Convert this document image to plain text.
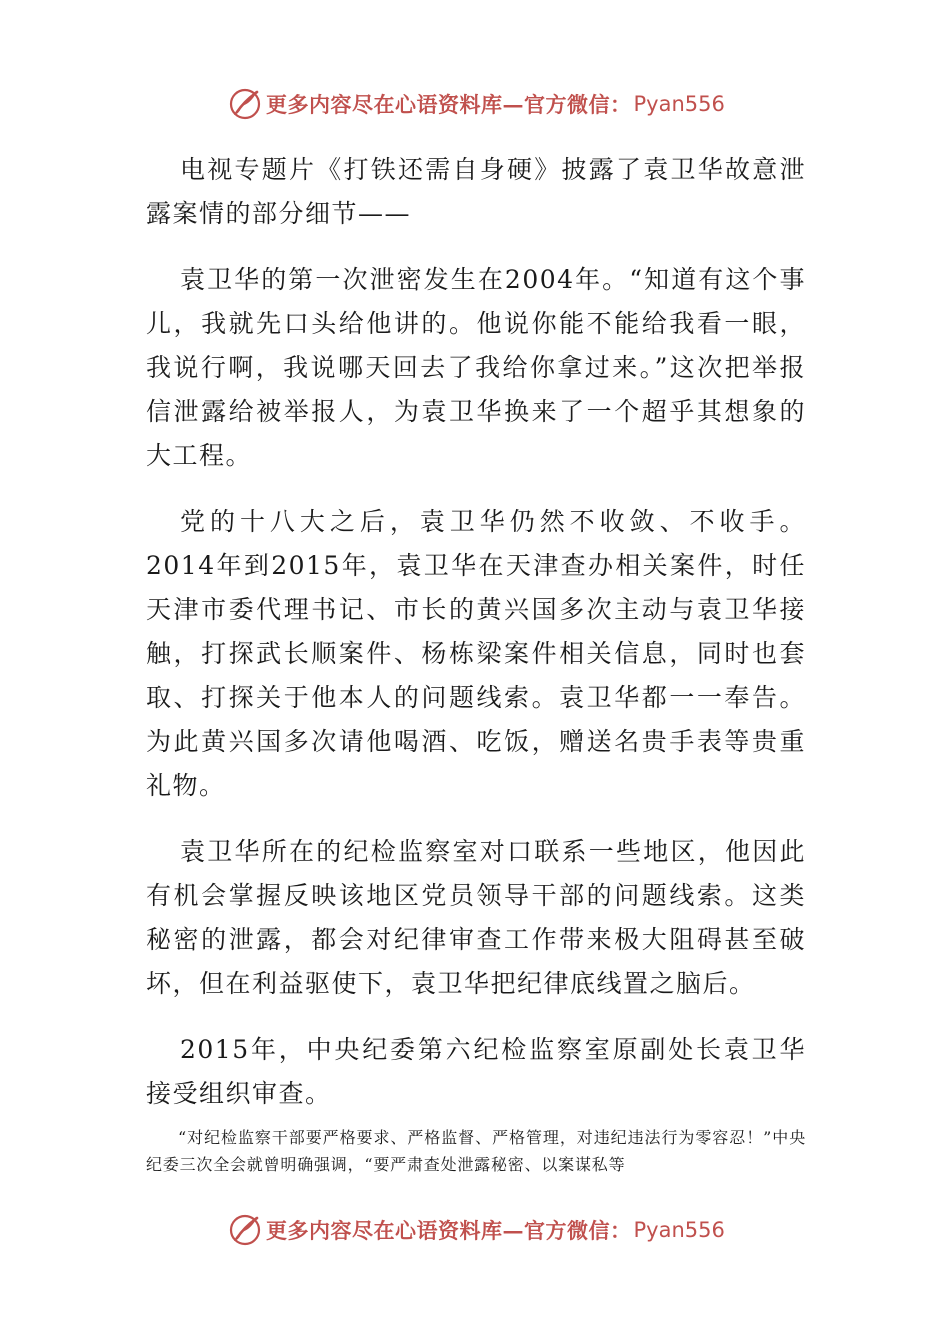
更多内容尽在心语资料库—官方微信： Pyan556

电视专题片《打铁还需自身硬》披露了袁卫华故意泄露案情的部分细节——

袁卫华的第一次泄密发生在2004年。“知道有这个事儿，我就先口头给他讲的。他说你能不能给我看一眼，我说行啊，我说哪天回去了我给你拿过来。”这次把举报信泄露给被举报人，为袁卫华换来了一个超乎其想象的大工程。

党的十八大之后，袁卫华仍然不收敛、不收手。2014年到2015年，袁卫华在天津查办相关案件，时任天津市委代理书记、市长的黄兴国多次主动与袁卫华接触，打探武长顺案件、杨栋梁案件相关信息，同时也套取、打探关于他本人的问题线索。袁卫华都一一奉告。为此黄兴国多次请他喝酒、吃饭，赠送名贵手表等贵重礼物。

袁卫华所在的纪检监察室对口联系一些地区，他因此有机会掌握反映该地区党员领导干部的问题线索。这类秘密的泄露，都会对纪律审查工作带来极大阻碍甚至破坏，但在利益驱使下，袁卫华把纪律底线置之脑后。

2015年，中央纪委第六纪检监察室原副处长袁卫华接受组织审查。

“对纪检监察干部要严格要求、严格监督、严格管理，对违纪违法行为零容忍！”中央纪委三次全会就曾明确强调，“要严肃查处泄露秘密、以案谋私等

更多内容尽在心语资料库—官方微信： Pyan556
